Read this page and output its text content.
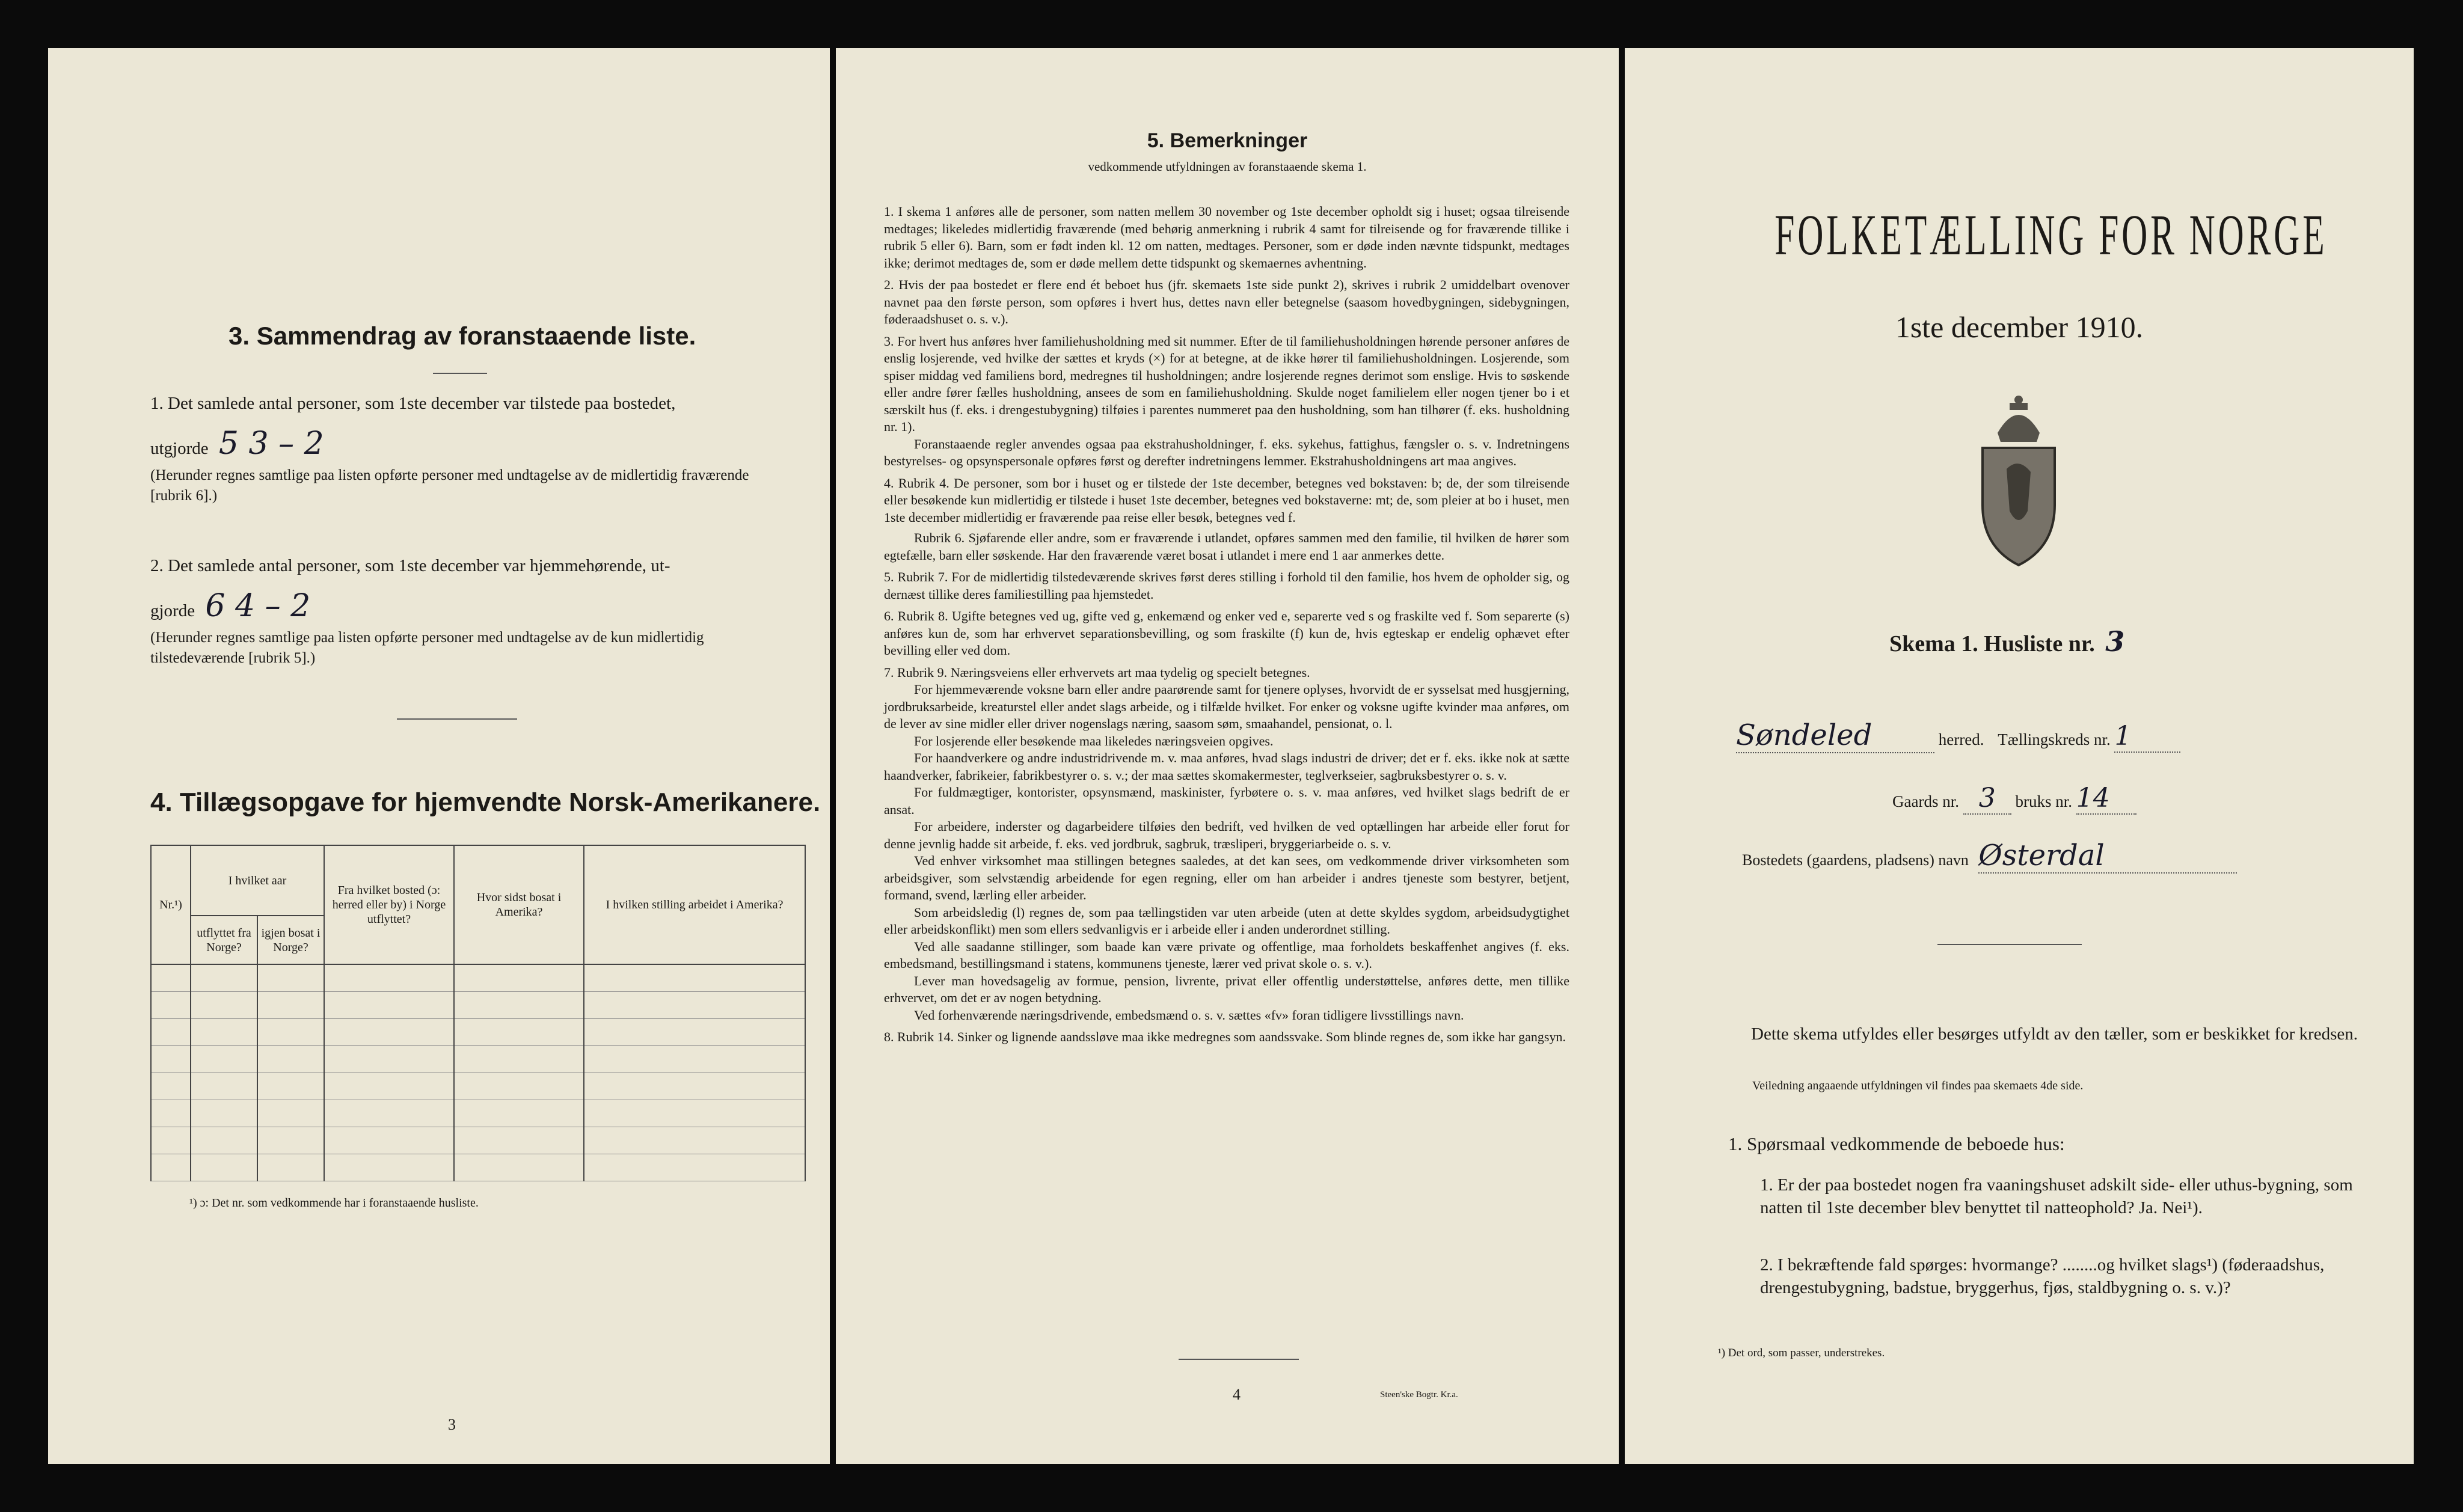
3. Sammendrag av foranstaaende liste.
1. Det samlede antal personer, som 1ste december var tilstede paa bostedet,
utgjorde 5 3 – 2
(Herunder regnes samtlige paa listen opførte personer med undtagelse av de midlertidig fraværende [rubrik 6].)
2. Det samlede antal personer, som 1ste december var hjemmehørende, ut-
gjorde 6 4 – 2
(Herunder regnes samtlige paa listen opførte personer med undtagelse av de kun midlertidig tilstedeværende [rubrik 5].)
4. Tillægsopgave for hjemvendte Norsk-Amerikanere.
Nr.¹)	I hvilket aar		Fra hvilket bosted (ɔ: herred eller by) i Norge utflyttet?	Hvor sidst bosat i Amerika?	I hvilken stilling arbeidet i Amerika?
	utflyttet fra Norge?	igjen bosat i Norge?			

¹) ɔ: Det nr. som vedkommende har i foranstaaende husliste.
3
5. Bemerkninger
vedkommende utfyldningen av foranstaaende skema 1.

1. I skema 1 anføres alle de personer, som natten mellem 30 november og 1ste december opholdt sig i huset; ogsaa tilreisende medtages; likeledes midlertidig fraværende (med behørig anmerkning i rubrik 4 samt for tilreisende og for fraværende tillike i rubrik 5 eller 6). Barn, som er født inden kl. 12 om natten, medtages. Personer, som er døde inden nævnte tidspunkt, medtages ikke; derimot medtages de, som er døde mellem dette tidspunkt og skemaernes avhentning.

2. Hvis der paa bostedet er flere end ét beboet hus (jfr. skemaets 1ste side punkt 2), skrives i rubrik 2 umiddelbart ovenover navnet paa den første person, som opføres i hvert hus, dettes navn eller betegnelse (saasom hovedbygningen, sidebygningen, føderaadshuset o. s. v.).

3. For hvert hus anføres hver familiehusholdning med sit nummer. Efter de til familiehusholdningen hørende personer anføres de enslig losjerende, ved hvilke der sættes et kryds (×) for at betegne, at de ikke hører til familiehusholdningen. Losjerende, som spiser middag ved familiens bord, medregnes til husholdningen; andre losjerende regnes derimot som enslige. Hvis to søskende eller andre fører fælles husholdning, ansees de som en familiehusholdning. Skulde noget familielem eller nogen tjener bo i et særskilt hus (f. eks. i drengestubygning) tilføies i parentes nummeret paa den husholdning, som han tilhører (f. eks. husholdning nr. 1).

Foranstaaende regler anvendes ogsaa paa ekstrahusholdninger, f. eks. sykehus, fattighus, fængsler o. s. v. Indretningens bestyrelses- og opsynspersonale opføres først og derefter indretningens lemmer. Ekstrahusholdningens art maa angives.

4. Rubrik 4. De personer, som bor i huset og er tilstede der 1ste december, betegnes ved bokstaven: b; de, der som tilreisende eller besøkende kun midlertidig er tilstede i huset 1ste december, betegnes ved bokstaverne: mt; de, som pleier at bo i huset, men 1ste december midlertidig er fraværende paa reise eller besøk, betegnes ved f.

Rubrik 6. Sjøfarende eller andre, som er fraværende i utlandet, opføres sammen med den familie, til hvilken de hører som egtefælle, barn eller søskende. Har den fraværende været bosat i utlandet i mere end 1 aar anmerkes dette.

5. Rubrik 7. For de midlertidig tilstedeværende skrives først deres stilling i forhold til den familie, hos hvem de opholder sig, og dernæst tillike deres familiestilling paa hjemstedet.

6. Rubrik 8. Ugifte betegnes ved ug, gifte ved g, enkemænd og enker ved e, separerte ved s og fraskilte ved f. Som separerte (s) anføres kun de, som har erhvervet separationsbevilling, og som fraskilte (f) kun de, hvis egteskap er endelig ophævet efter bevilling eller ved dom.

7. Rubrik 9. Næringsveiens eller erhvervets art maa tydelig og specielt betegnes.

For hjemmeværende voksne barn eller andre paarørende samt for tjenere oplyses, hvorvidt de er sysselsat med husgjerning, jordbruksarbeide, kreaturstel eller andet slags arbeide, og i tilfælde hvilket. For enker og voksne ugifte kvinder maa anføres, om de lever av sine midler eller driver nogenslags næring, saasom søm, smaahandel, pensionat, o. l.

For losjerende eller besøkende maa likeledes næringsveien opgives.

For haandverkere og andre industridrivende m. v. maa anføres, hvad slags industri de driver; det er f. eks. ikke nok at sætte haandverker, fabrikeier, fabrikbestyrer o. s. v.; der maa sættes skomakermester, teglverkseier, sagbruksbestyrer o. s. v.

For fuldmægtiger, kontorister, opsynsmænd, maskinister, fyrbøtere o. s. v. maa anføres, ved hvilket slags bedrift de er ansat.

For arbeidere, inderster og dagarbeidere tilføies den bedrift, ved hvilken de ved optællingen har arbeide eller forut for denne jevnlig hadde sit arbeide, f. eks. ved jordbruk, sagbruk, træsliperi, bryggeriarbeide o. s. v.

Ved enhver virksomhet maa stillingen betegnes saaledes, at det kan sees, om vedkommende driver virksomheten som arbeidsgiver, som selvstændig arbeidende for egen regning, eller om han arbeider i andres tjeneste som bestyrer, betjent, formand, svend, lærling eller arbeider.

Som arbeidsledig (l) regnes de, som paa tællingstiden var uten arbeide (uten at dette skyldes sygdom, arbeidsudygtighet eller arbeidskonflikt) men som ellers sedvanligvis er i arbeide eller i anden underordnet stilling.

Ved alle saadanne stillinger, som baade kan være private og offentlige, maa forholdets beskaffenhet angives (f. eks. embedsmand, bestillingsmand i statens, kommunens tjeneste, lærer ved privat skole o. s. v.).

Lever man hovedsagelig av formue, pension, livrente, privat eller offentlig understøttelse, anføres dette, men tillike erhvervet, om det er av nogen betydning.

Ved forhenværende næringsdrivende, embedsmænd o. s. v. sættes «fv» foran tidligere livsstillings navn.

8. Rubrik 14. Sinker og lignende aandssløve maa ikke medregnes som aandssvake. Som blinde regnes de, som ikke har gangsyn.

4	Steen'ske Bogtr. Kr.a.
FOLKETÆLLING FOR NORGE
1ste december 1910.
Skema 1. Husliste nr. 3
Søndeled	herred. Tællingskreds nr. 1
Gaards nr. 3 bruks nr. 14
Bostedets (gaardens, pladsens) navn Østerdal
Dette skema utfyldes eller besørges utfyldt av den tæller, som er beskikket for kredsen.
Veiledning angaaende utfyldningen vil findes paa skemaets 4de side.
1. Spørsmaal vedkommende de beboede hus:
1. Er der paa bostedet nogen fra vaaningshuset adskilt side- eller uthus-bygning, som natten til 1ste december blev benyttet til natteophold? Ja. Nei¹).
2. I bekræftende fald spørges: hvormange? ........og hvilket slags¹) (føderaadshus, drengestubygning, badstue, bryggerhus, fjøs, staldbygning o. s. v.)?
¹) Det ord, som passer, understrekes.
